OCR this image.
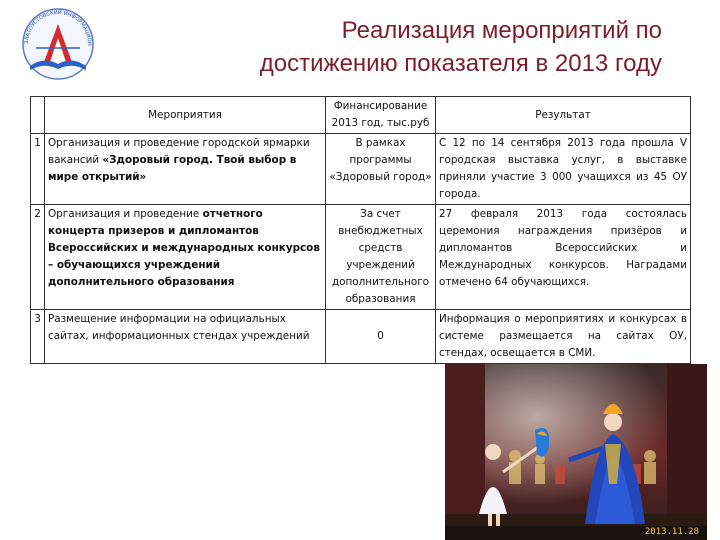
ЗЛАТОУСТОВСКИЙ ИНФОРМАЦИОН	Реализация мероприятий по
достижению показателя в 2013 году
	Мероприятия	Финансирование 2013 год, тыс.руб	Результат
1	Организация и проведение городской ярмарки вакансий «Здоровый город. Твой выбор в мире открытий»	В рамках программы «Здоровый город»	С 12 по 14 сентября 2013 года прошла V городская выставка услуг, в выставке приняли участие 3 000 учащихся из 45 ОУ города.
2	Организация и проведение отчетного концерта призеров и дипломантов Всероссийских и международных конкурсов – обучающихся учреждений дополнительного образования	За счет внебюджетных средств учреждений дополнительного образования	27 февраля 2013 года состоялась церемония награждения призёров и дипломантов Всероссийских и Международных конкурсов. Наградами отмечено 64 обучающихся.
3	Размещение информации на официальных сайтах, информационных стендах учреждений	0	Информация о мероприятиях и конкурсах в системе размещается на сайтах ОУ, стендах, освещается в СМИ.
2013.11.28
